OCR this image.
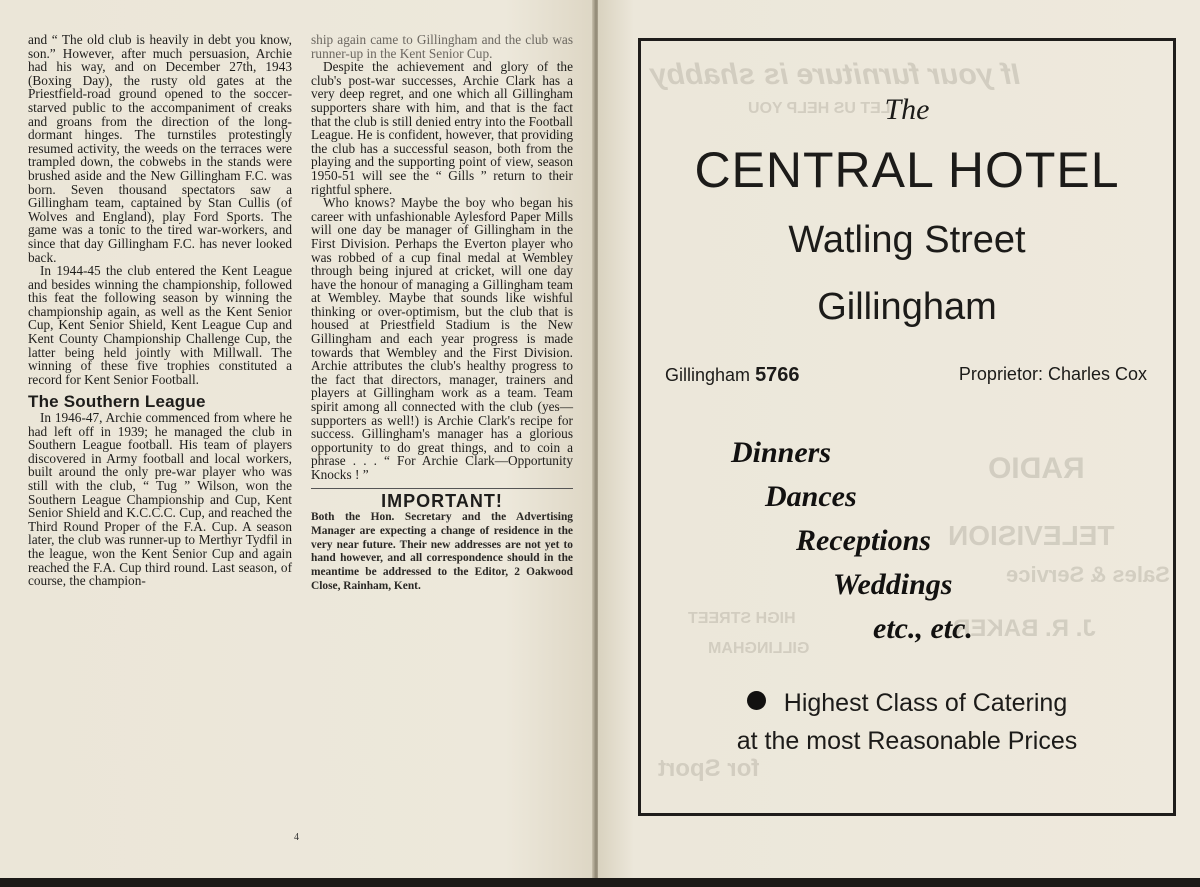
and “ The old club is heavily in debt you know, son.” However, after much persuasion, Archie had his way, and on December 27th, 1943 (Boxing Day), the rusty old gates at the Priestfield-road ground opened to the soccer-starved public to the accompaniment of creaks and groans from the direction of the long-dormant hinges. The turnstiles protestingly resumed activity, the weeds on the terraces were trampled down, the cobwebs in the stands were brushed aside and the New Gillingham F.C. was born. Seven thousand spectators saw a Gillingham team, captained by Stan Cullis (of Wolves and England), play Ford Sports. The game was a tonic to the tired war-workers, and since that day Gillingham F.C. has never looked back.

In 1944-45 the club entered the Kent League and besides winning the championship, followed this feat the following season by winning the championship again, as well as the Kent Senior Cup, Kent Senior Shield, Kent League Cup and Kent County Championship Challenge Cup, the latter being held jointly with Millwall. The winning of these five trophies constituted a record for Kent Senior Football.

The Southern League

In 1946-47, Archie commenced from where he had left off in 1939; he managed the club in Southern League football. His team of players discovered in Army football and local workers, built around the only pre-war player who was still with the club, “ Tug ” Wilson, won the Southern League Championship and Cup, Kent Senior Shield and K.C.C.C. Cup, and reached the Third Round Proper of the F.A. Cup. A season later, the club was runner-up to Merthyr Tydfil in the league, won the Kent Senior Cup and again reached the F.A. Cup third round. Last season, of course, the champion-

ship again came to Gillingham and the club was runner-up in the Kent Senior Cup.

Despite the achievement and glory of the club's post-war successes, Archie Clark has a very deep regret, and one which all Gillingham supporters share with him, and that is the fact that the club is still denied entry into the Football League. He is confident, however, that providing the club has a successful season, both from the playing and the supporting point of view, season 1950-51 will see the “ Gills ” return to their rightful sphere.

Who knows? Maybe the boy who began his career with unfashionable Aylesford Paper Mills will one day be manager of Gillingham in the First Division. Perhaps the Everton player who was robbed of a cup final medal at Wembley through being injured at cricket, will one day have the honour of managing a Gillingham team at Wembley. Maybe that sounds like wishful thinking or over-optimism, but the club that is housed at Priestfield Stadium is the New Gillingham and each year progress is made towards that Wembley and the First Division. Archie attributes the club's healthy progress to the fact that directors, manager, trainers and players at Gillingham work as a team. Team spirit among all connected with the club (yes—supporters as well!) is Archie Clark's recipe for success. Gillingham's manager has a glorious opportunity to do great things, and to coin a phrase . . . “ For Archie Clark—Opportunity Knocks ! ”

IMPORTANT!
Both the Hon. Secretary and the Advertising Manager are expecting a change of residence in the very near future. Their new addresses are not yet to hand however, and all correspondence should in the meantime be addressed to the Editor, 2 Oakwood Close, Rainham, Kent.
4
If your furniture is shabby
LET US HELP YOU
RADIO
TELEVISION
Sales & Service
HIGH STREET
GILLINGHAM
J. R. BAKER
for Sport
The
CENTRAL HOTEL
Watling Street
Gillingham
Gillingham 5766	Proprietor: Charles Cox
Dinners
Dances
Receptions
Weddings
etc., etc.
Highest Class of Catering
at the most Reasonable Prices
